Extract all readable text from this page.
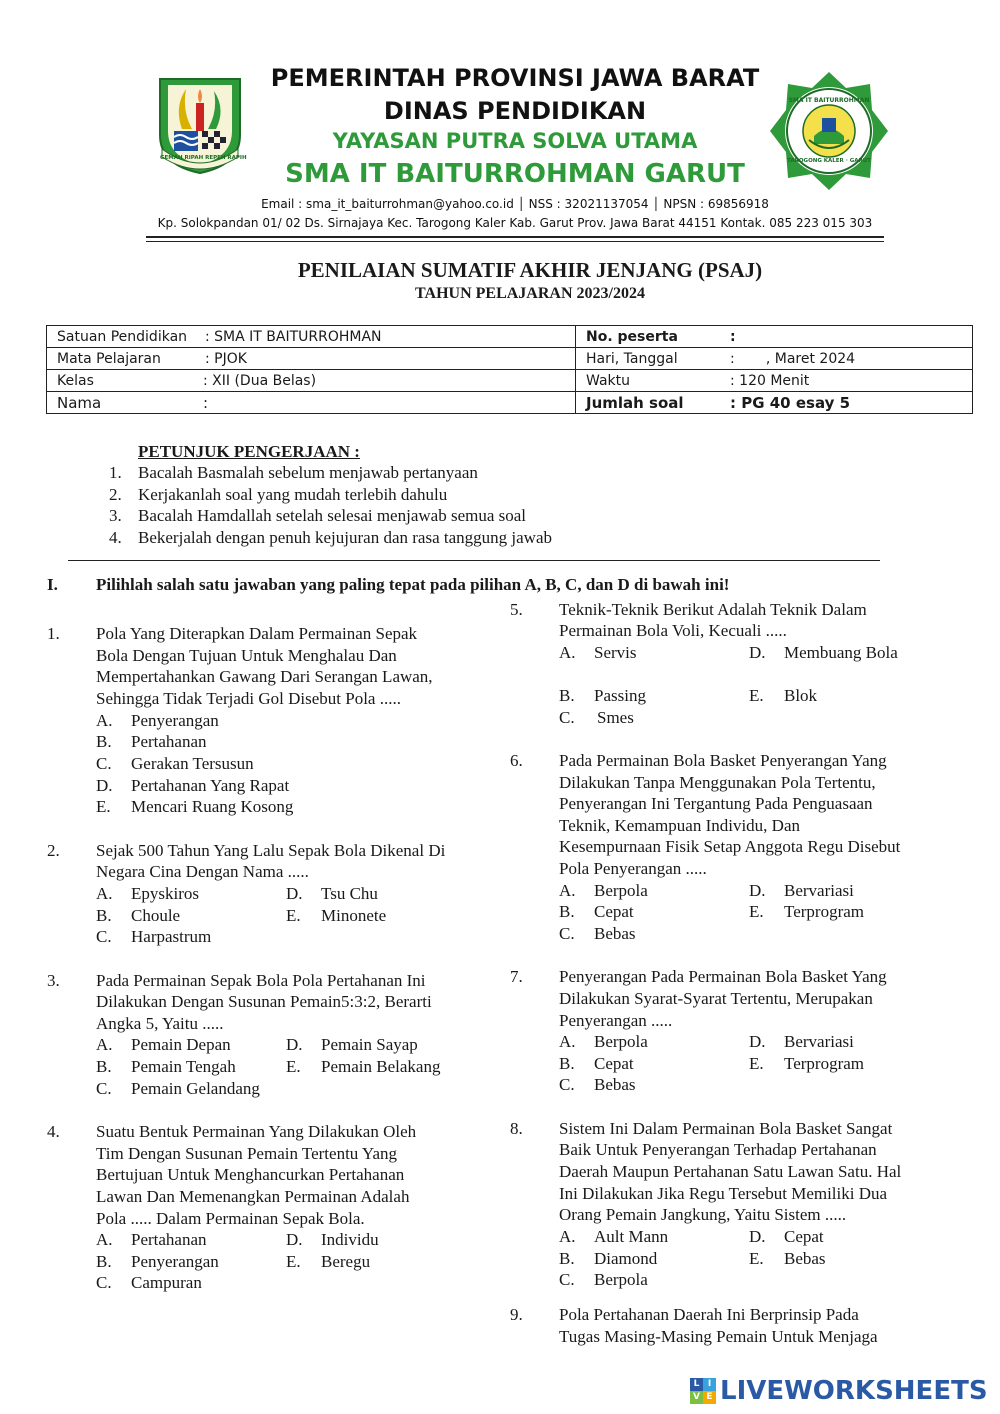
GEMAH RIPAH REPEH RAPIH
PEMERINTAH PROVINSI JAWA BARAT
DINAS PENDIDIKAN
YAYASAN PUTRA SOLVA UTAMA
SMA IT BAITURROHMAN GARUT
Email : sma_it_baiturrohman@yahoo.co.id │ NSS : 32021137054 │ NPSN : 69856918
Kp. Solokpandan 01/ 02 Ds. Sirnajaya Kec. Tarogong Kaler Kab. Garut Prov. Jawa Barat 44151 Kontak. 085 223 015 303
SMA IT BAITURROHMAN
TAROGONG KALER · GARUT
PENILAIAN SUMATIF AKHIR JENJANG (PSAJ)
TAHUN PELAJARAN 2023/2024
Satuan Pendidikan : SMA IT BAITURROHMAN	No. peserta :
Mata Pelajaran : PJOK	Hari, Tanggal :       , Maret 2024
Kelas : XII (Dua Belas)	Waktu : 120 Menit
Nama :	Jumlah soal : PG 40 esay 5
PETUNJUK PENGERJAAN :
1. Bacalah Basmalah sebelum menjawab pertanyaan
2. Kerjakanlah soal yang mudah terlebih dahulu
3. Bacalah Hamdallah setelah selesai menjawab semua soal
4. Bekerjalah dengan penuh kejujuran dan rasa tanggung jawab
I. Pilihlah salah satu jawaban yang paling tepat pada pilihan A, B, C, dan D di bawah ini!
1. Pola Yang Diterapkan Dalam Permainan Sepak
Bola Dengan Tujuan Untuk Menghalau Dan
Mempertahankan Gawang Dari Serangan Lawan,
Sehingga Tidak Terjadi Gol Disebut Pola .....
A. Penyerangan
B. Pertahanan
C. Gerakan Tersusun
D. Pertahanan Yang Rapat
E. Mencari Ruang Kosong
2. Sejak 500 Tahun Yang Lalu Sepak Bola Dikenal Di
Negara Cina Dengan Nama .....
A. Epyskiros	D. Tsu Chu
B. Choule	E. Minonete
C. Harpastrum
3. Pada Permainan Sepak Bola Pola Pertahanan Ini
Dilakukan Dengan Susunan Pemain5:3:2, Berarti
Angka 5, Yaitu .....
A. Pemain Depan	D. Pemain Sayap
B. Pemain Tengah	E. Pemain Belakang
C. Pemain Gelandang
4. Suatu Bentuk Permainan Yang Dilakukan Oleh
Tim Dengan Susunan Pemain Tertentu Yang
Bertujuan Untuk Menghancurkan Pertahanan
Lawan Dan Memenangkan Permainan Adalah
Pola ..... Dalam Permainan Sepak Bola.
A. Pertahanan	D. Individu
B. Penyerangan	E. Beregu
C. Campuran
5. Teknik-Teknik Berikut Adalah Teknik Dalam
Permainan Bola Voli, Kecuali .....
A. Servis	D. Membuang Bola
B. Passing	E. Blok
C. Smes
6. Pada Permainan Bola Basket Penyerangan Yang
Dilakukan Tanpa Menggunakan Pola Tertentu,
Penyerangan Ini Tergantung Pada Penguasaan
Teknik, Kemampuan Individu, Dan
Kesempurnaan Fisik Setap Anggota Regu Disebut
Pola Penyerangan .....
A. Berpola	D. Bervariasi
B. Cepat	E. Terprogram
C. Bebas
7. Penyerangan Pada Permainan Bola Basket Yang
Dilakukan Syarat-Syarat Tertentu, Merupakan
Penyerangan .....
A. Berpola	D. Bervariasi
B. Cepat	E. Terprogram
C. Bebas
8. Sistem Ini Dalam Permainan Bola Basket Sangat
Baik Untuk Penyerangan Terhadap Pertahanan
Daerah Maupun Pertahanan Satu Lawan Satu. Hal
Ini Dilakukan Jika Regu Tersebut Memiliki Dua
Orang Pemain Jangkung, Yaitu Sistem .....
A. Ault Mann	D. Cepat
B. Diamond	E. Bebas
C. Berpola
9. Pola Pertahanan Daerah Ini Berprinsip Pada
Tugas Masing-Masing Pemain Untuk Menjaga
L I
V E LIVEWORKSHEETS
